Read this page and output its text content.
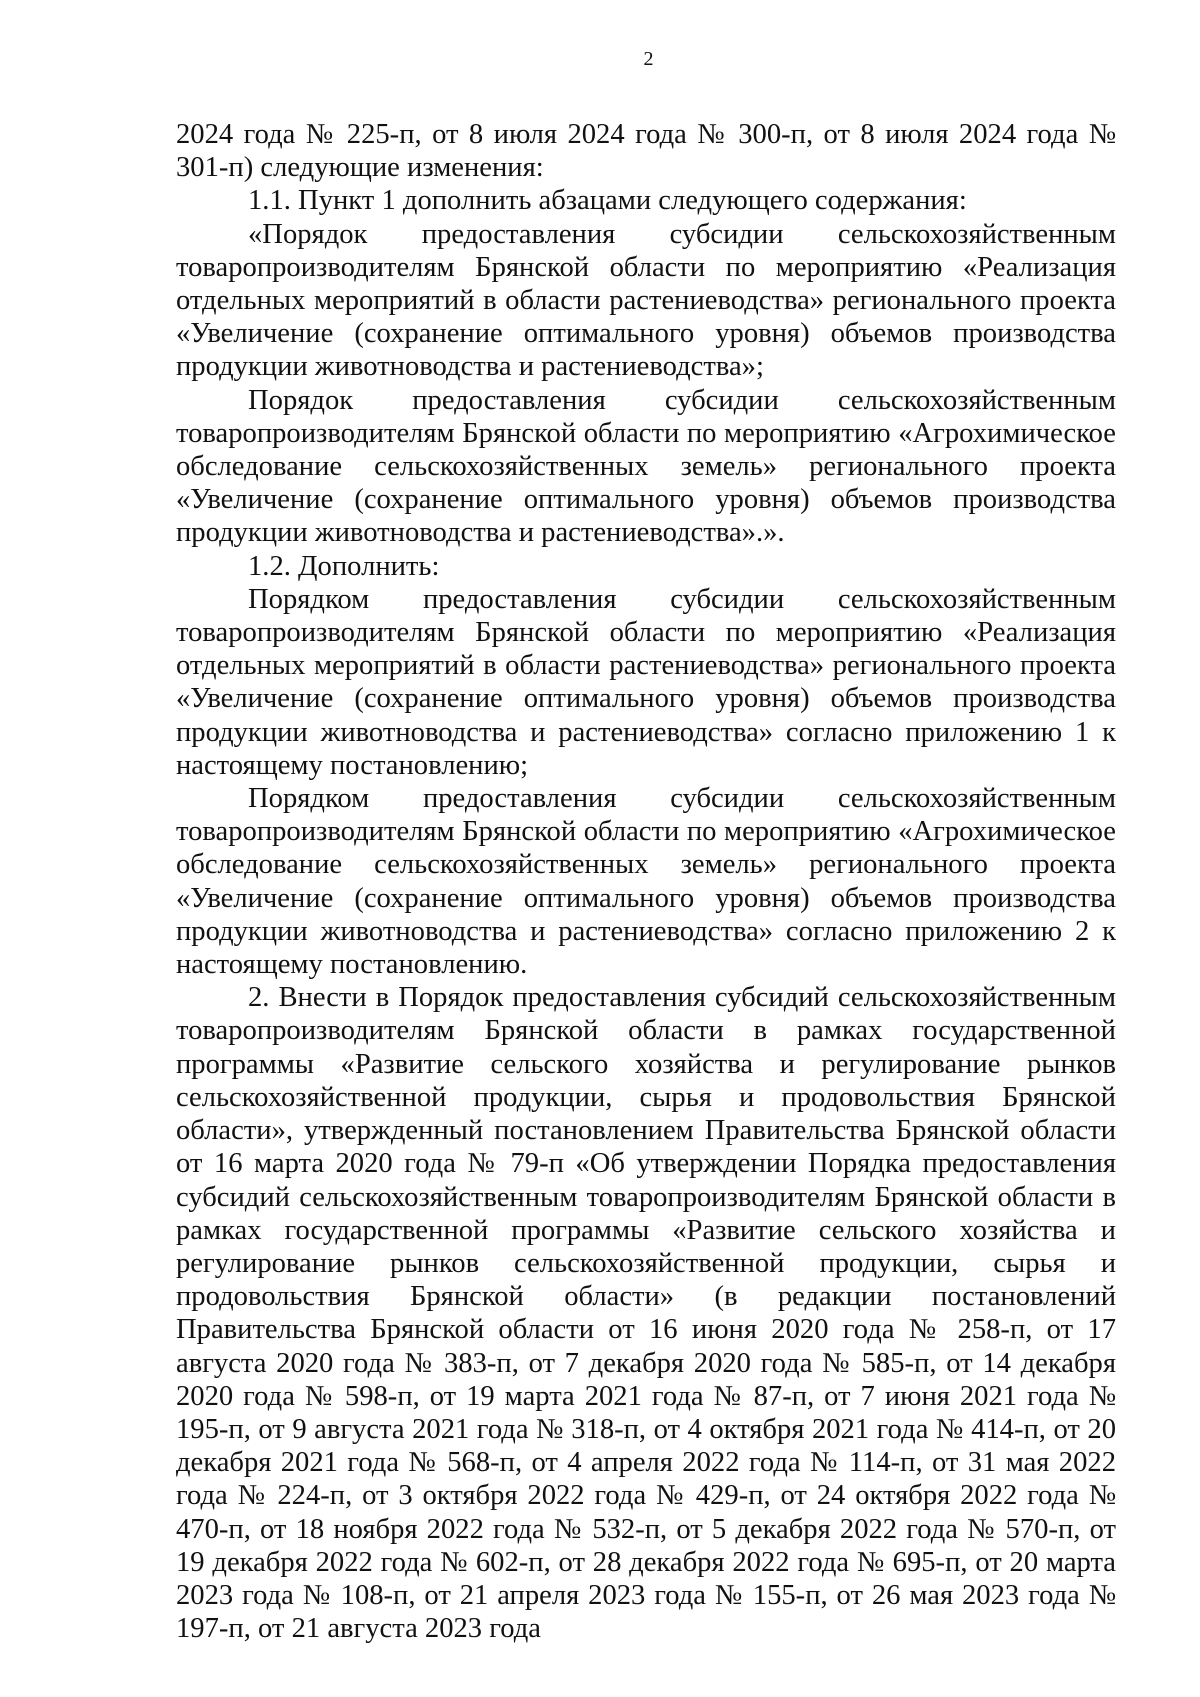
2

2024 года № 225-п, от 8 июля 2024 года № 300-п, от 8 июля 2024 года № 301-п) следующие изменения:

1.1. Пункт 1 дополнить абзацами следующего содержания:

«Порядок предоставления субсидии сельскохозяйственным товаропроизводителям Брянской области по мероприятию «Реализация отдельных мероприятий в области растениеводства» регионального проекта «Увеличение (сохранение оптимального уровня) объемов производства продукции животноводства и растениеводства»;

Порядок предоставления субсидии сельскохозяйственным товаропроизводителям Брянской области по мероприятию «Агрохимическое обследование сельскохозяйственных земель» регионального проекта «Увеличение (сохранение оптимального уровня) объемов производства продукции животноводства и растениеводства».».

1.2. Дополнить:

Порядком предоставления субсидии сельскохозяйственным товаропроизводителям Брянской области по мероприятию «Реализация отдельных мероприятий в области растениеводства» регионального проекта «Увеличение (сохранение оптимального уровня) объемов производства продукции животноводства и растениеводства» согласно приложению 1 к настоящему постановлению;

Порядком предоставления субсидии сельскохозяйственным товаропроизводителям Брянской области по мероприятию «Агрохимическое обследование сельскохозяйственных земель» регионального проекта «Увеличение (сохранение оптимального уровня) объемов производства продукции животноводства и растениеводства» согласно приложению 2 к настоящему постановлению.

2. Внести в Порядок предоставления субсидий сельскохозяйственным товаропроизводителям Брянской области в рамках государственной программы «Развитие сельского хозяйства и регулирование рынков сельскохозяйственной продукции, сырья и продовольствия Брянской области», утвержденный постановлением Правительства Брянской области от 16 марта 2020 года № 79-п «Об утверждении Порядка предоставления субсидий сельскохозяйственным товаропроизводителям Брянской области в рамках государственной программы «Развитие сельского хозяйства и регулирование рынков сельскохозяйственной продукции, сырья и продовольствия Брянской области» (в редакции постановлений Правительства Брянской области от 16 июня 2020 года № 258-п, от 17 августа 2020 года № 383-п, от 7 декабря 2020 года № 585-п, от 14 декабря 2020 года № 598-п, от 19 марта 2021 года № 87-п, от 7 июня 2021 года № 195-п, от 9 августа 2021 года № 318-п, от 4 октября 2021 года № 414-п, от 20 декабря 2021 года № 568-п, от 4 апреля 2022 года № 114-п, от 31 мая 2022 года № 224-п, от 3 октября 2022 года № 429-п, от 24 октября 2022 года № 470-п, от 18 ноября 2022 года № 532-п, от 5 декабря 2022 года № 570-п, от 19 декабря 2022 года № 602-п, от 28 декабря 2022 года № 695-п, от 20 марта 2023 года № 108-п, от 21 апреля 2023 года № 155-п, от 26 мая 2023 года № 197-п, от 21 августа 2023 года
